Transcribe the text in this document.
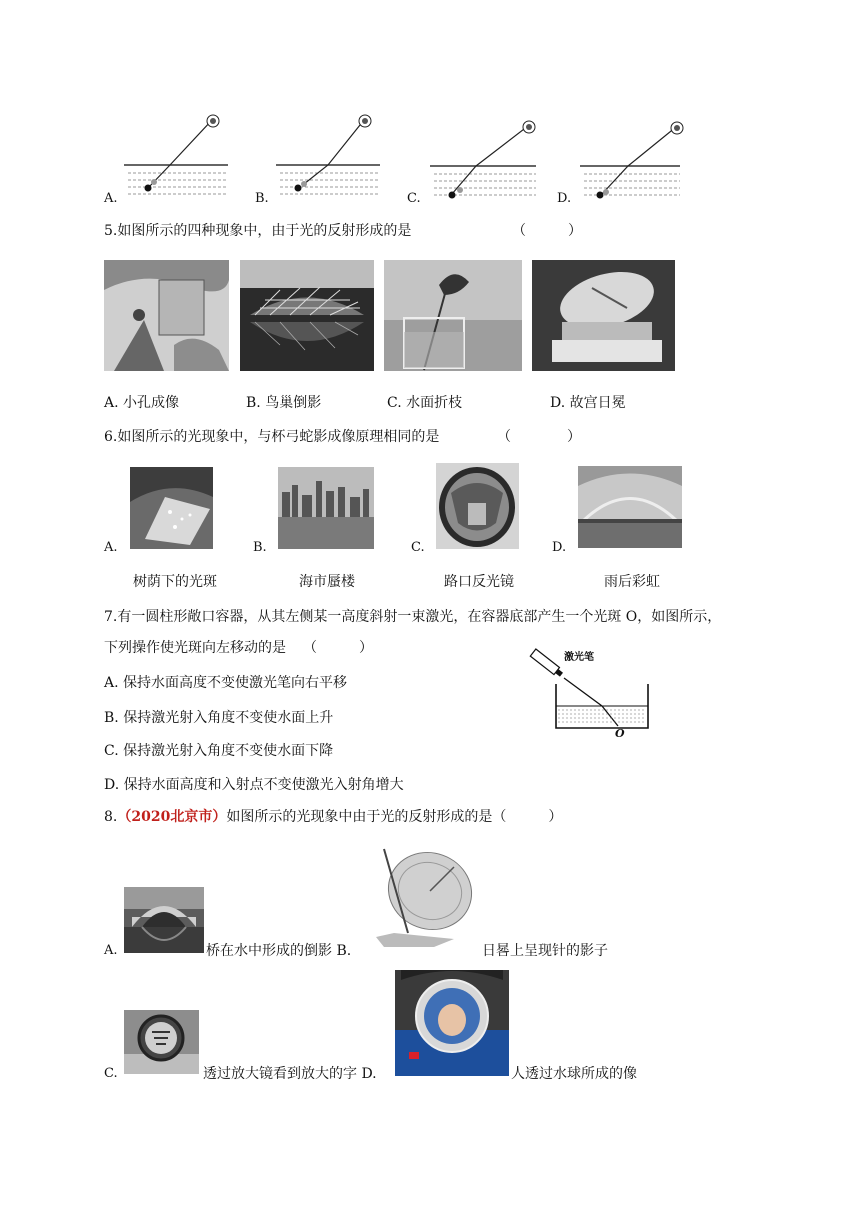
A.	B.	C.	D.
5.如图所示的四种现象中，由于光的反射形成的是	（　　　）
A. 小孔成像	B. 鸟巢倒影	C. 水面折枝	D. 故宫日冕
6.如图所示的光现象中，与杯弓蛇影成像原理相同的是	（　　　　）
A.	B.	C.	D.
树荫下的光斑	海市蜃楼	路口反光镜	雨后彩虹
7.有一圆柱形敞口容器，从其左侧某一高度斜射一束激光，在容器底部产生一个光斑 O，如图所示，
下列操作使光斑向左移动的是 （　　　）
A. 保持水面高度不变使激光笔向右平移
B. 保持激光射入角度不变使水面上升
C. 保持激光射入角度不变使水面下降
D. 保持水面高度和入射点不变使激光入射角增大
激光笔
O
8.（2020北京市）如图所示的光现象中由于光的反射形成的是（　　　）
A.	桥在水中形成的倒影 B.	日晷上呈现针的影子
C.	透过放大镜看到放大的字 D.	人透过水球所成的像
